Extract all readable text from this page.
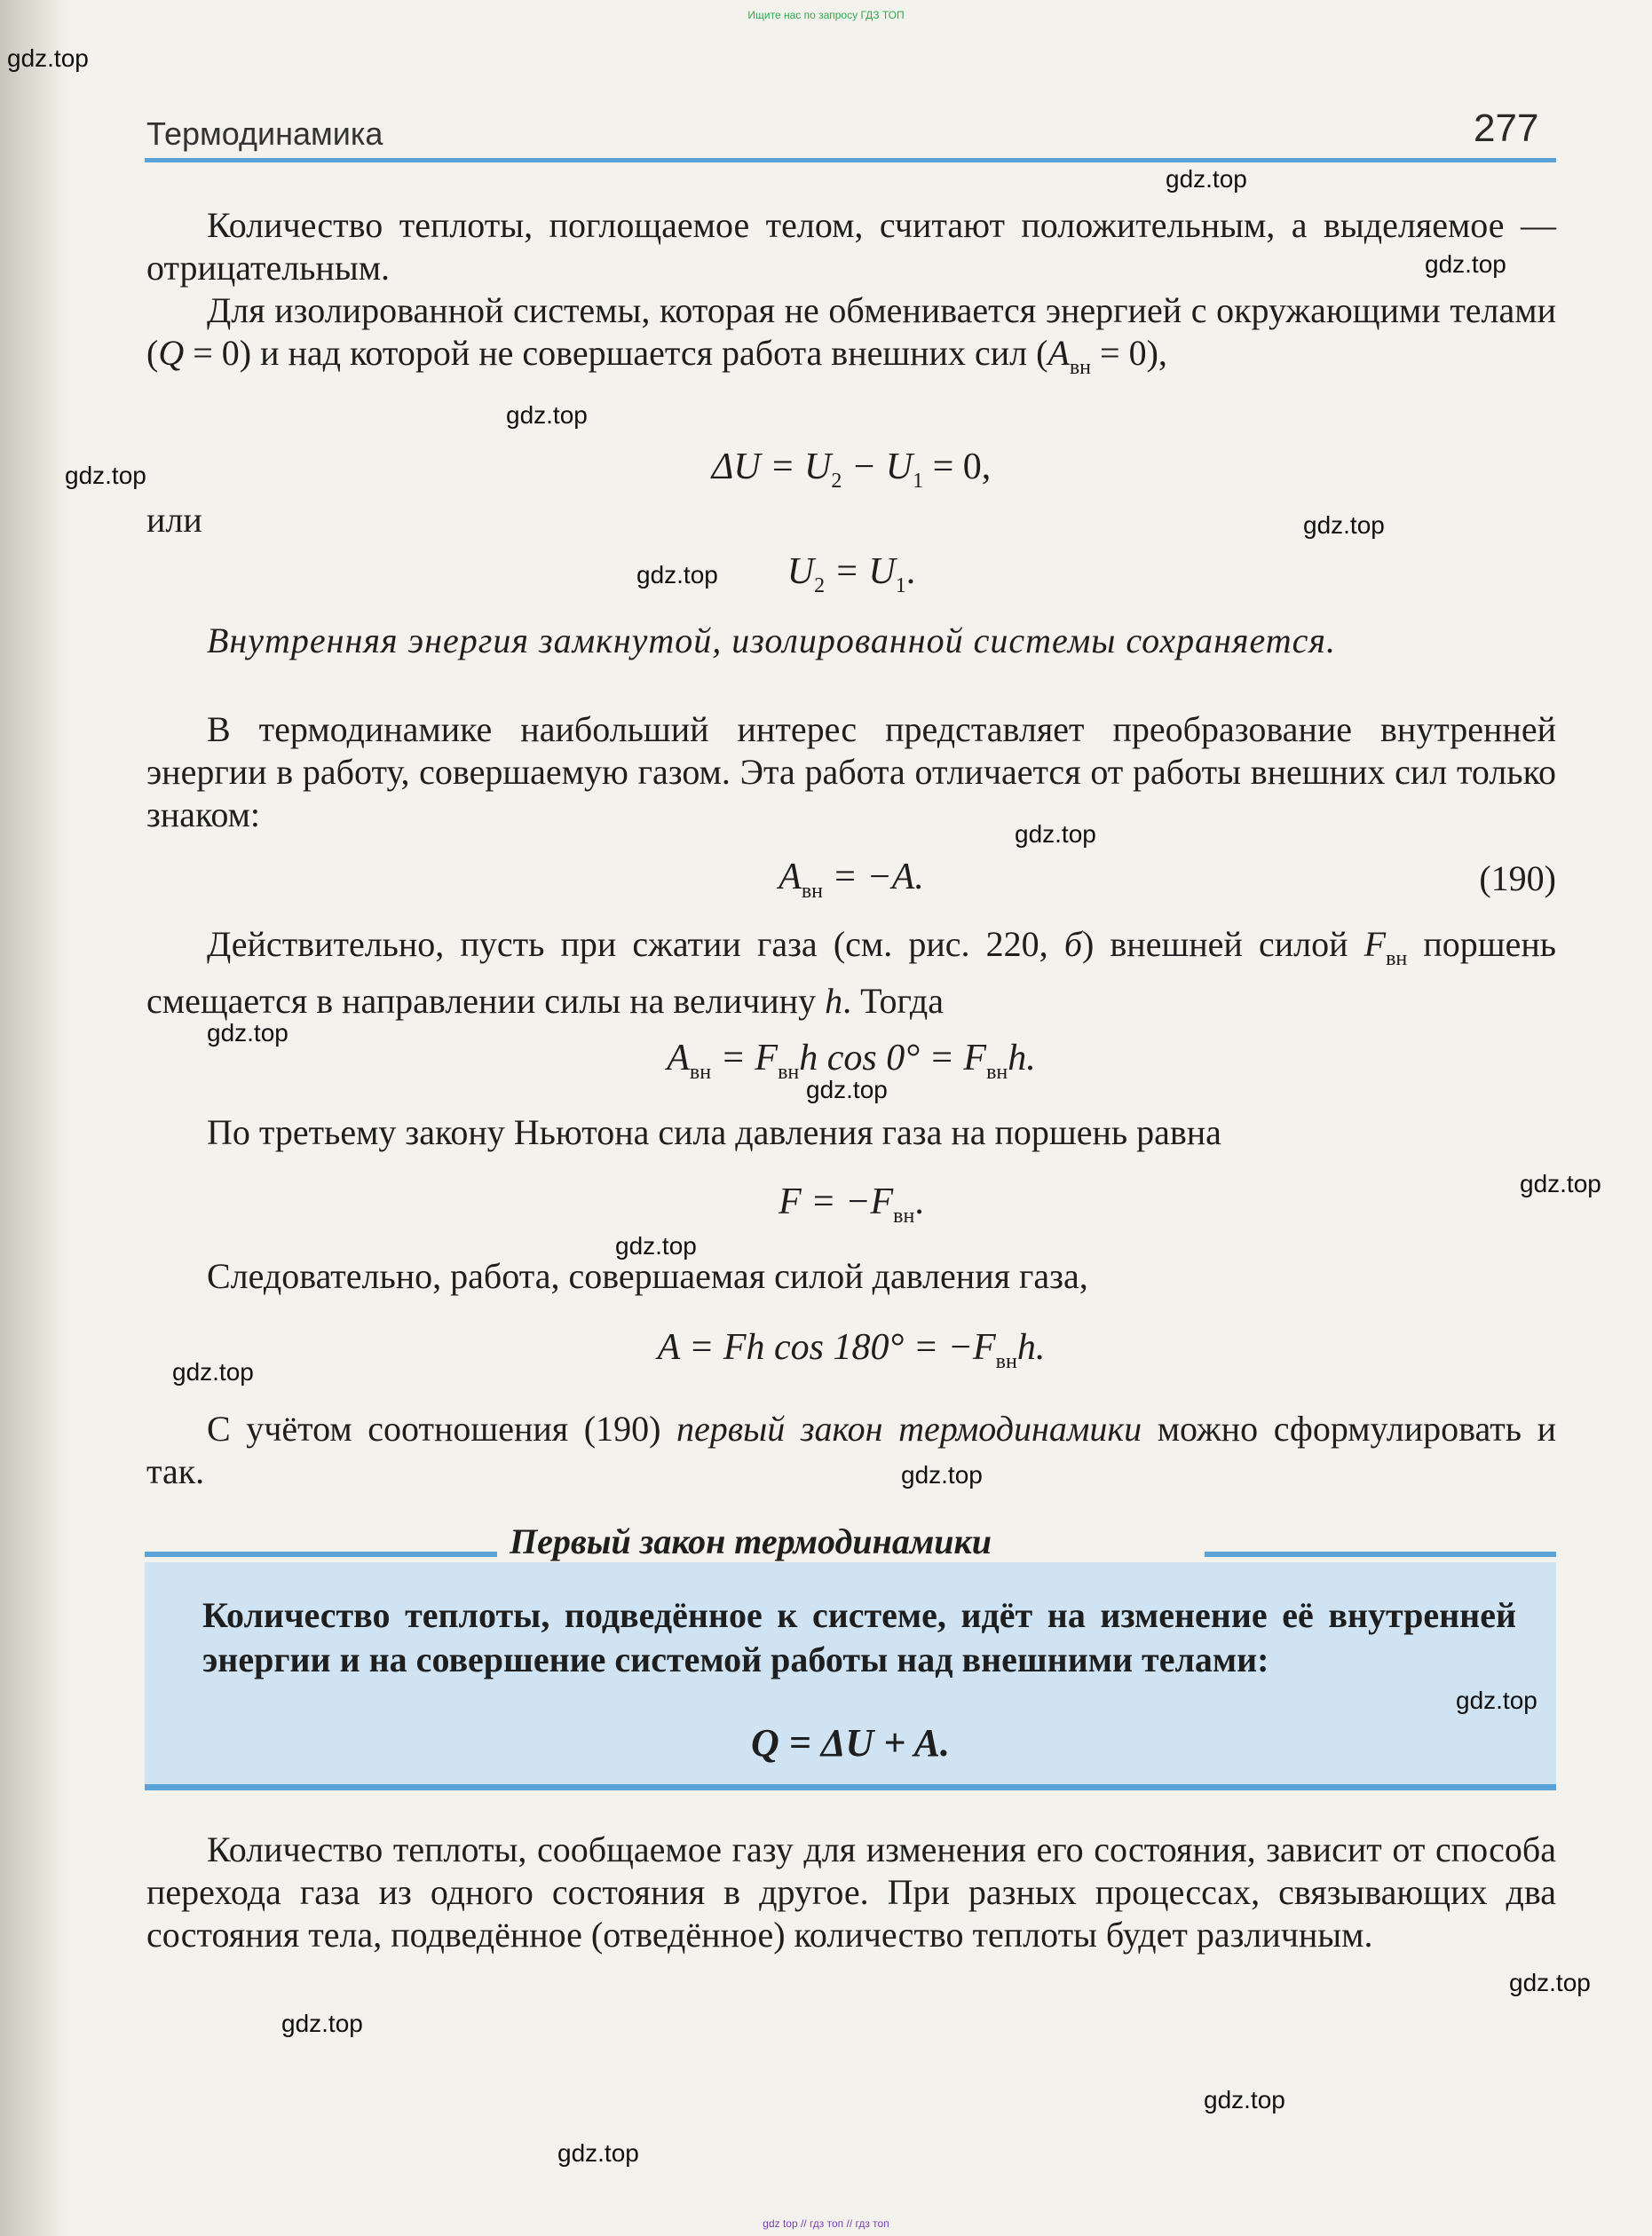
Ищите нас по запросу ГДЗ ТОП
Термодинамика	277
Количество теплоты, поглощаемое телом, считают положительным, а выделяемое — отрицательным.
Для изолированной системы, которая не обменивается энергией с окружающими телами (Q = 0) и над которой не совершается работа внешних сил $(A_{вн} = 0)$,
$\Delta U = U_2 - U_1 = 0$,
или
$U_2 = U_1$.
Внутренняя энергия замкнутой, изолированной системы сохраняется.
В термодинамике наибольший интерес представляет преобразование внутренней энергии в работу, совершаемую газом. Эта работа отличается от работы внешних сил только знаком:
$A_{вн} = -A$.	(190)
Действительно, пусть при сжатии газа (см. рис. 220, б) внешней силой $F_{вн}$ поршень смещается в направлении силы на величину h. Тогда
$A_{вн} = F_{вн}h$ $\cos 0^\circ = F_{вн}h$.
По третьему закону Ньютона сила давления газа на поршень равна
$F = -F_{вн}$.
Следовательно, работа, совершаемая силой давления газа,
A = Fh $\cos 180^\circ = -F_{вн}h$.
С учётом соотношения (190) первый закон термодинамики можно сформулировать и так.
Первый закон термодинамики
Количество теплоты, подведённое к системе, идёт на изменение её внутренней энергии и на совершение системой работы над внешними телами:
Q = ΔU + A.
Количество теплоты, сообщаемое газу для изменения его состояния, зависит от способа перехода газа из одного состояния в другое. При разных процессах, связывающих два состояния тела, подведённое (отведённое) количество теплоты будет различным.
gdz.top
gdz.top
gdz.top
gdz.top
gdz.top
gdz.top
gdz.top
gdz.top
gdz.top
gdz.top
gdz.top
gdz.top
gdz.top
gdz.top
gdz.top
gdz.top
gdz.top
gdz.top
gdz.top
gdz top // гдз топ // гдз топ
